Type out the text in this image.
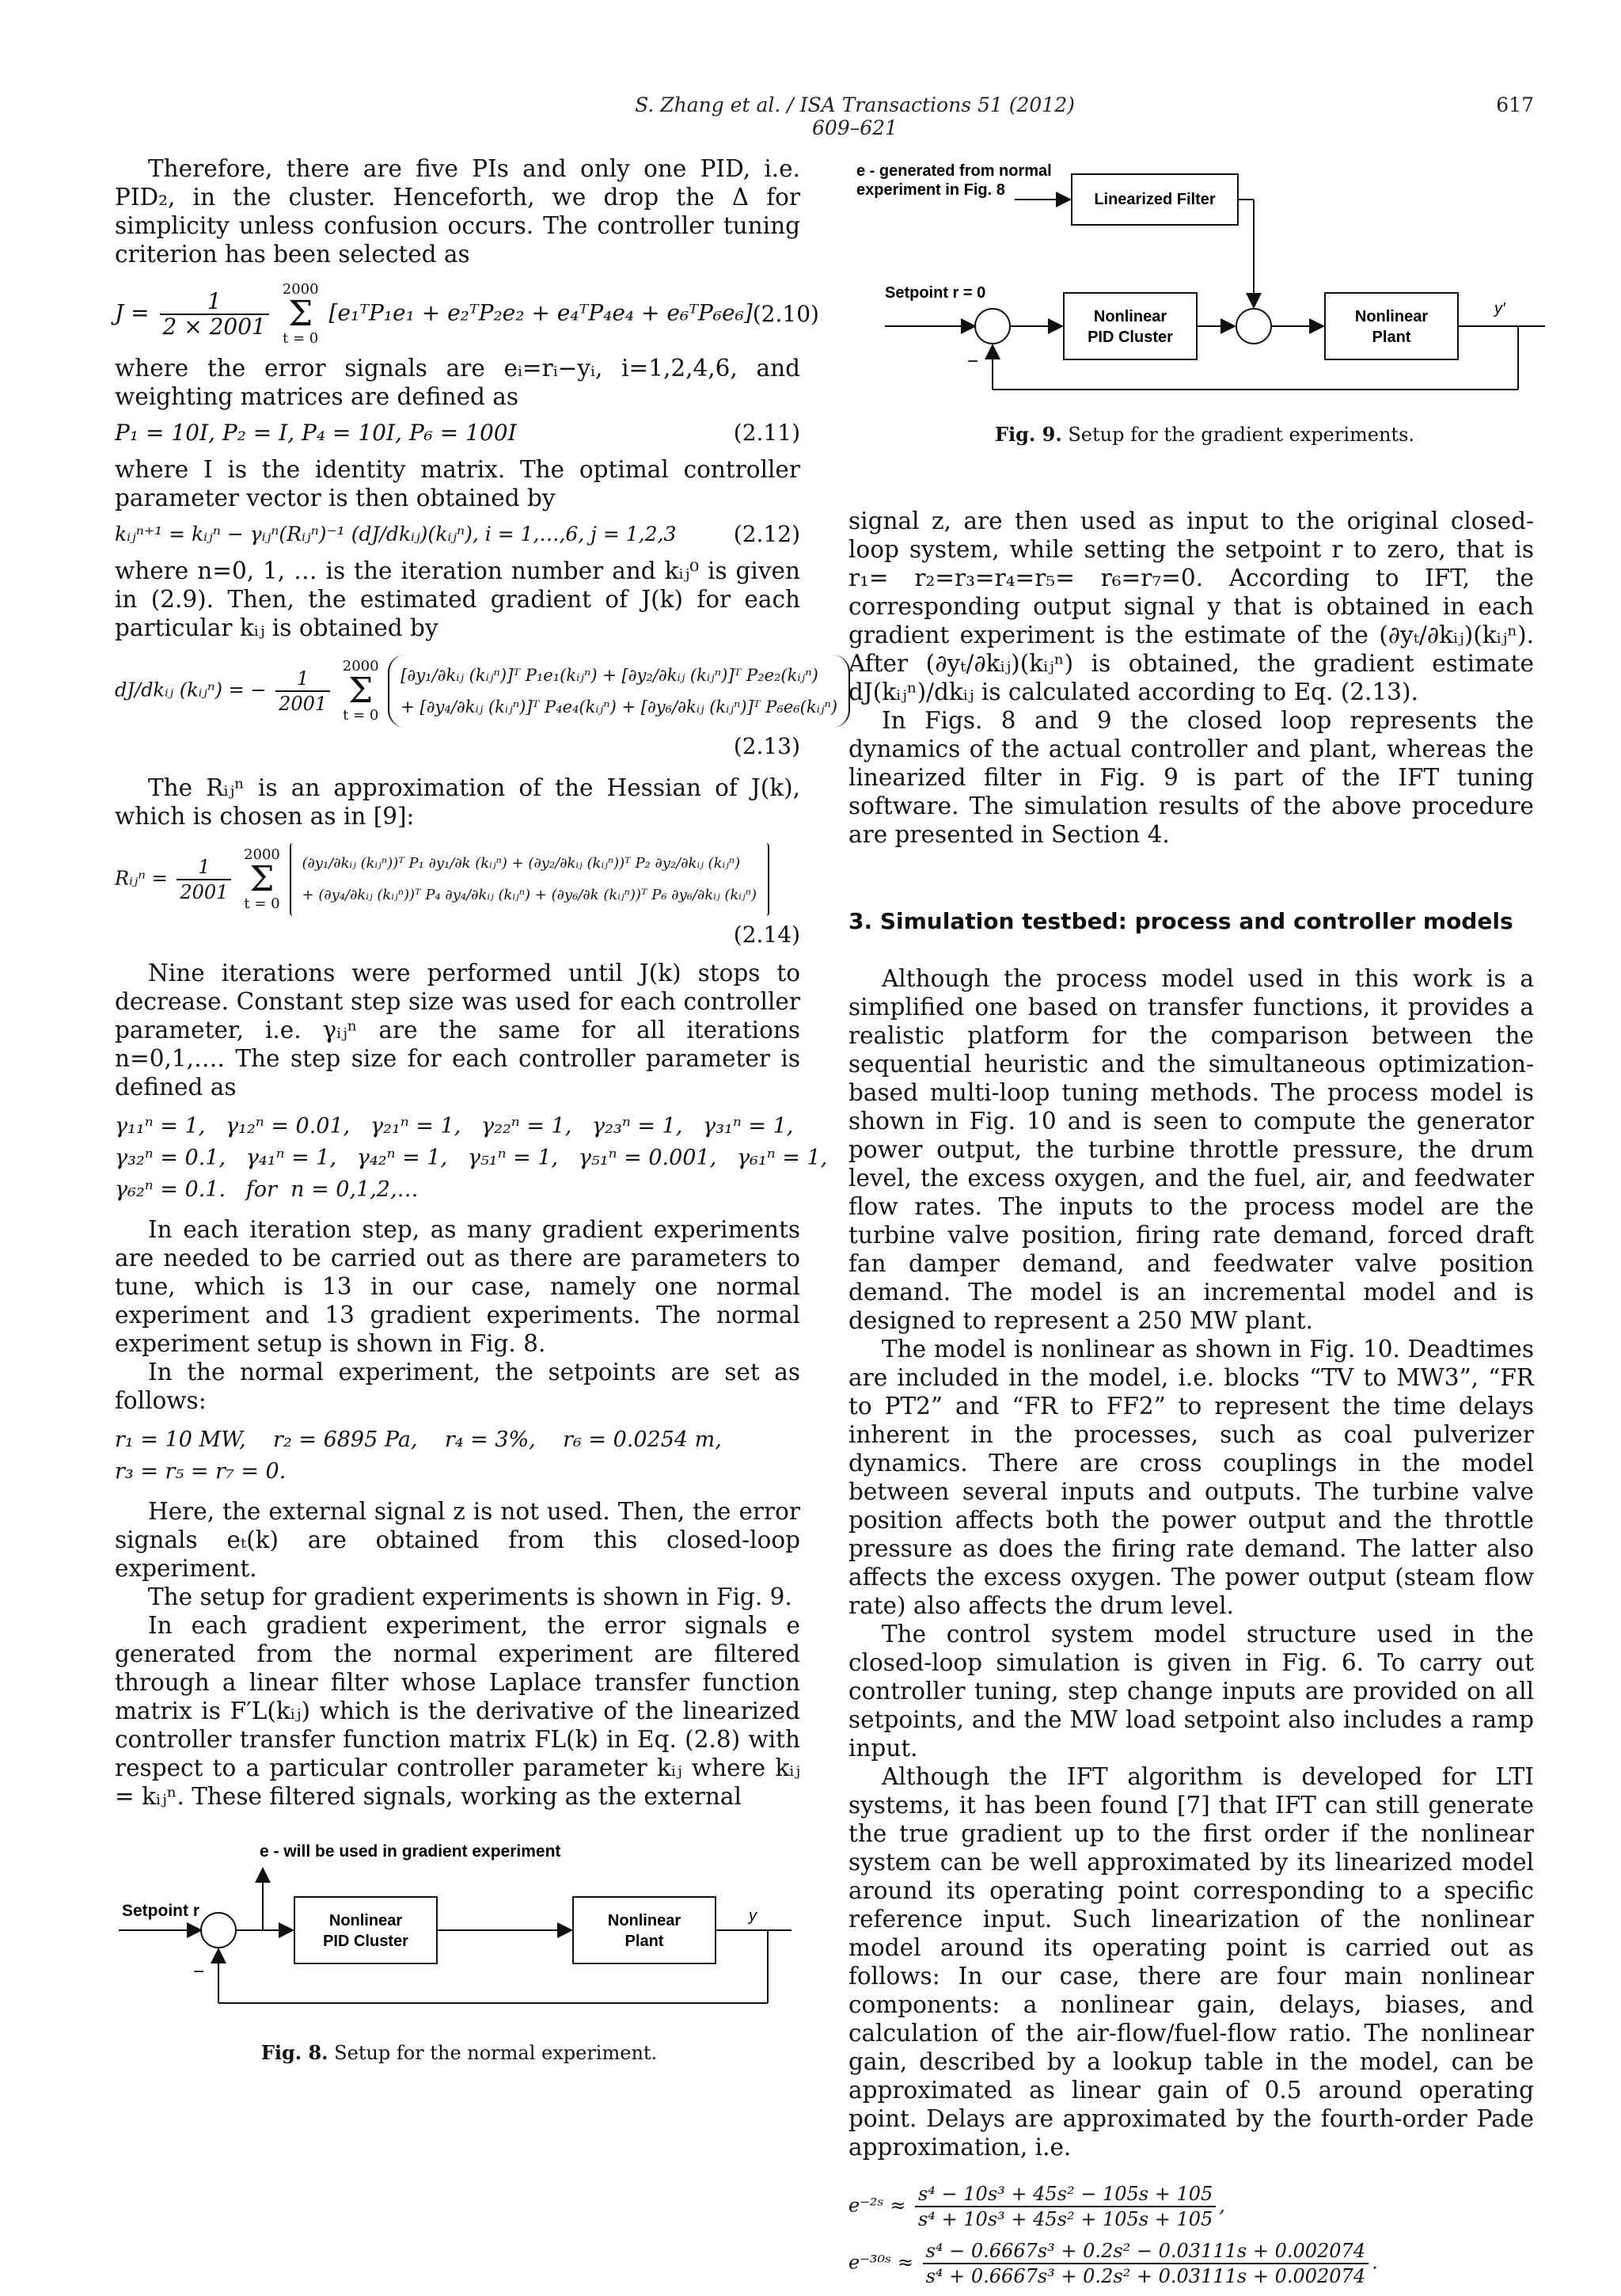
S. Zhang et al. / ISA Transactions 51 (2012) 609–621
617

Therefore, there are five PIs and only one PID, i.e. PID₂, in the cluster. Henceforth, we drop the Δ for simplicity unless confusion occurs. The controller tuning criterion has been selected as

$J = \frac{1}{2 \times 2001}$

2000
Σ
t = 0
[e₁ᵀP₁e₁ + e₂ᵀP₂e₂ + e₄ᵀP₄e₄ + e₆ᵀP₆e₆] (2.10)

where the error signals are eᵢ=rᵢ−yᵢ, i=1,2,4,6, and weighting matrices are defined as

P₁ = 10I, P₂ = I, P₄ = 10I, P₆ = 100I	(2.11)

where I is the identity matrix. The optimal controller parameter vector is then obtained by

kᵢⱼⁿ⁺¹ = kᵢⱼⁿ − γᵢⱼⁿ(Rᵢⱼⁿ)⁻¹ (dJ/dkᵢⱼ)(kᵢⱼⁿ), i = 1,…,6, j = 1,2,3	(2.12)

where n=0, 1, … is the iteration number and kᵢⱼ⁰ is given in (2.9). Then, the estimated gradient of J(k) for each particular kᵢⱼ is obtained by

dJ/dkᵢⱼ (kᵢⱼⁿ) = − $\frac{1}{2001}$

2000
Σ
t = 0
[∂y₁/∂kᵢⱼ (kᵢⱼⁿ)]ᵀ P₁e₁(kᵢⱼⁿ) + [∂y₂/∂kᵢⱼ (kᵢⱼⁿ)]ᵀ P₂e₂(kᵢⱼⁿ)
+ [∂y₄/∂kᵢⱼ (kᵢⱼⁿ)]ᵀ P₄e₄(kᵢⱼⁿ) + [∂y₆/∂kᵢⱼ (kᵢⱼⁿ)]ᵀ P₆e₆(kᵢⱼⁿ)
(2.13)

The Rᵢⱼⁿ is an approximation of the Hessian of J(k), which is chosen as in [9]:

Rᵢⱼⁿ = $\frac{1}{2001}$

2000
Σ
t = 0
(∂y₁/∂kᵢⱼ (kᵢⱼⁿ))ᵀ P₁ ∂y₁/∂k (kᵢⱼⁿ) + (∂y₂/∂kᵢⱼ (kᵢⱼⁿ))ᵀ P₂ ∂y₂/∂kᵢⱼ (kᵢⱼⁿ)
+ (∂y₄/∂kᵢⱼ (kᵢⱼⁿ))ᵀ P₄ ∂y₄/∂kᵢⱼ (kᵢⱼⁿ) + (∂y₆/∂k (kᵢⱼⁿ))ᵀ P₆ ∂y₆/∂kᵢⱼ (kᵢⱼⁿ)
(2.14)

Nine iterations were performed until J(k) stops to decrease. Constant step size was used for each controller parameter, i.e. γᵢⱼⁿ are the same for all iterations n=0,1,…. The step size for each controller parameter is defined as

γ₁₁ⁿ = 1,   γ₁₂ⁿ = 0.01,   γ₂₁ⁿ = 1,   γ₂₂ⁿ = 1,   γ₂₃ⁿ = 1,   γ₃₁ⁿ = 1,
γ₃₂ⁿ = 0.1,   γ₄₁ⁿ = 1,   γ₄₂ⁿ = 1,   γ₅₁ⁿ = 1,   γ₅₁ⁿ = 0.001,   γ₆₁ⁿ = 1,
γ₆₂ⁿ = 0.1.   for  n = 0,1,2,…

In each iteration step, as many gradient experiments are needed to be carried out as there are parameters to tune, which is 13 in our case, namely one normal experiment and 13 gradient experiments. The normal experiment setup is shown in Fig. 8.

In the normal experiment, the setpoints are set as follows:

r₁ = 10 MW,    r₂ = 6895 Pa,    r₄ = 3%,    r₆ = 0.0254 m,
r₃ = r₅ = r₇ = 0.

Here, the external signal z is not used. Then, the error signals eₜ(k) are obtained from this closed-loop experiment.

The setup for gradient experiments is shown in Fig. 9.

In each gradient experiment, the error signals e generated from the normal experiment are filtered through a linear filter whose Laplace transfer function matrix is F′L(kᵢⱼ) which is the derivative of the linearized controller transfer function matrix FL(k) in Eq. (2.8) with respect to a particular controller parameter kᵢⱼ where kᵢⱼ = kᵢⱼⁿ. These filtered signals, working as the external

e - will be used in gradient experiment
Setpoint r
Nonlinear
PID Cluster
Nonlinear
Plant
y
−
Fig. 8. Setup for the normal experiment.
e - generated from normal
experiment in Fig. 8
Linearized Filter
Setpoint r = 0
Nonlinear
PID Cluster
Nonlinear
Plant
y′
−
Fig. 9. Setup for the gradient experiments.

signal z, are then used as input to the original closed-loop system, while setting the setpoint r to zero, that is r₁= r₂=r₃=r₄=r₅= r₆=r₇=0. According to IFT, the corresponding output signal y that is obtained in each gradient experiment is the estimate of the (∂yₜ/∂kᵢⱼ)(kᵢⱼⁿ). After (∂yₜ/∂kᵢⱼ)(kᵢⱼⁿ) is obtained, the gradient estimate dJ(kᵢⱼⁿ)/dkᵢⱼ is calculated according to Eq. (2.13).

In Figs. 8 and 9 the closed loop represents the dynamics of the actual controller and plant, whereas the linearized filter in Fig. 9 is part of the IFT tuning software. The simulation results of the above procedure are presented in Section 4.

3. Simulation testbed: process and controller models

Although the process model used in this work is a simplified one based on transfer functions, it provides a realistic platform for the comparison between the sequential heuristic and the simultaneous optimization-based multi-loop tuning methods. The process model is shown in Fig. 10 and is seen to compute the generator power output, the turbine throttle pressure, the drum level, the excess oxygen, and the fuel, air, and feedwater flow rates. The inputs to the process model are the turbine valve position, firing rate demand, forced draft fan damper demand, and feedwater valve position demand. The model is an incremental model and is designed to represent a 250 MW plant.

The model is nonlinear as shown in Fig. 10. Deadtimes are included in the model, i.e. blocks “TV to MW3”, “FR to PT2” and “FR to FF2” to represent the time delays inherent in the processes, such as coal pulverizer dynamics. There are cross couplings in the model between several inputs and outputs. The turbine valve position affects both the power output and the throttle pressure as does the firing rate demand. The latter also affects the excess oxygen. The power output (steam flow rate) also affects the drum level.

The control system model structure used in the closed-loop simulation is given in Fig. 6. To carry out controller tuning, step change inputs are provided on all setpoints, and the MW load setpoint also includes a ramp input.

Although the IFT algorithm is developed for LTI systems, it has been found [7] that IFT can still generate the true gradient up to the first order if the nonlinear system can be well approximated by its linearized model around its operating point corresponding to a specific reference input. Such linearization of the nonlinear model around its operating point is carried out as follows: In our case, there are four main nonlinear components: a nonlinear gain, delays, biases, and calculation of the air-flow/fuel-flow ratio. The nonlinear gain, described by a lookup table in the model, can be approximated as linear gain of 0.5 around operating point. Delays are approximated by the fourth-order Pade approximation, i.e.

e⁻²ˢ ≈ $\frac{\text{s⁴ − 10s³ + 45s² − 105s + 105}}{\text{s⁴ + 10s³ + 45s² + 105s + 105}}$ ,
e⁻³⁰ˢ ≈ $\frac{\text{s⁴ − 0.6667s³ + 0.2s² − 0.03111s + 0.002074}}{\text{s⁴ + 0.6667s³ + 0.2s² + 0.03111s + 0.002074}}$ .
